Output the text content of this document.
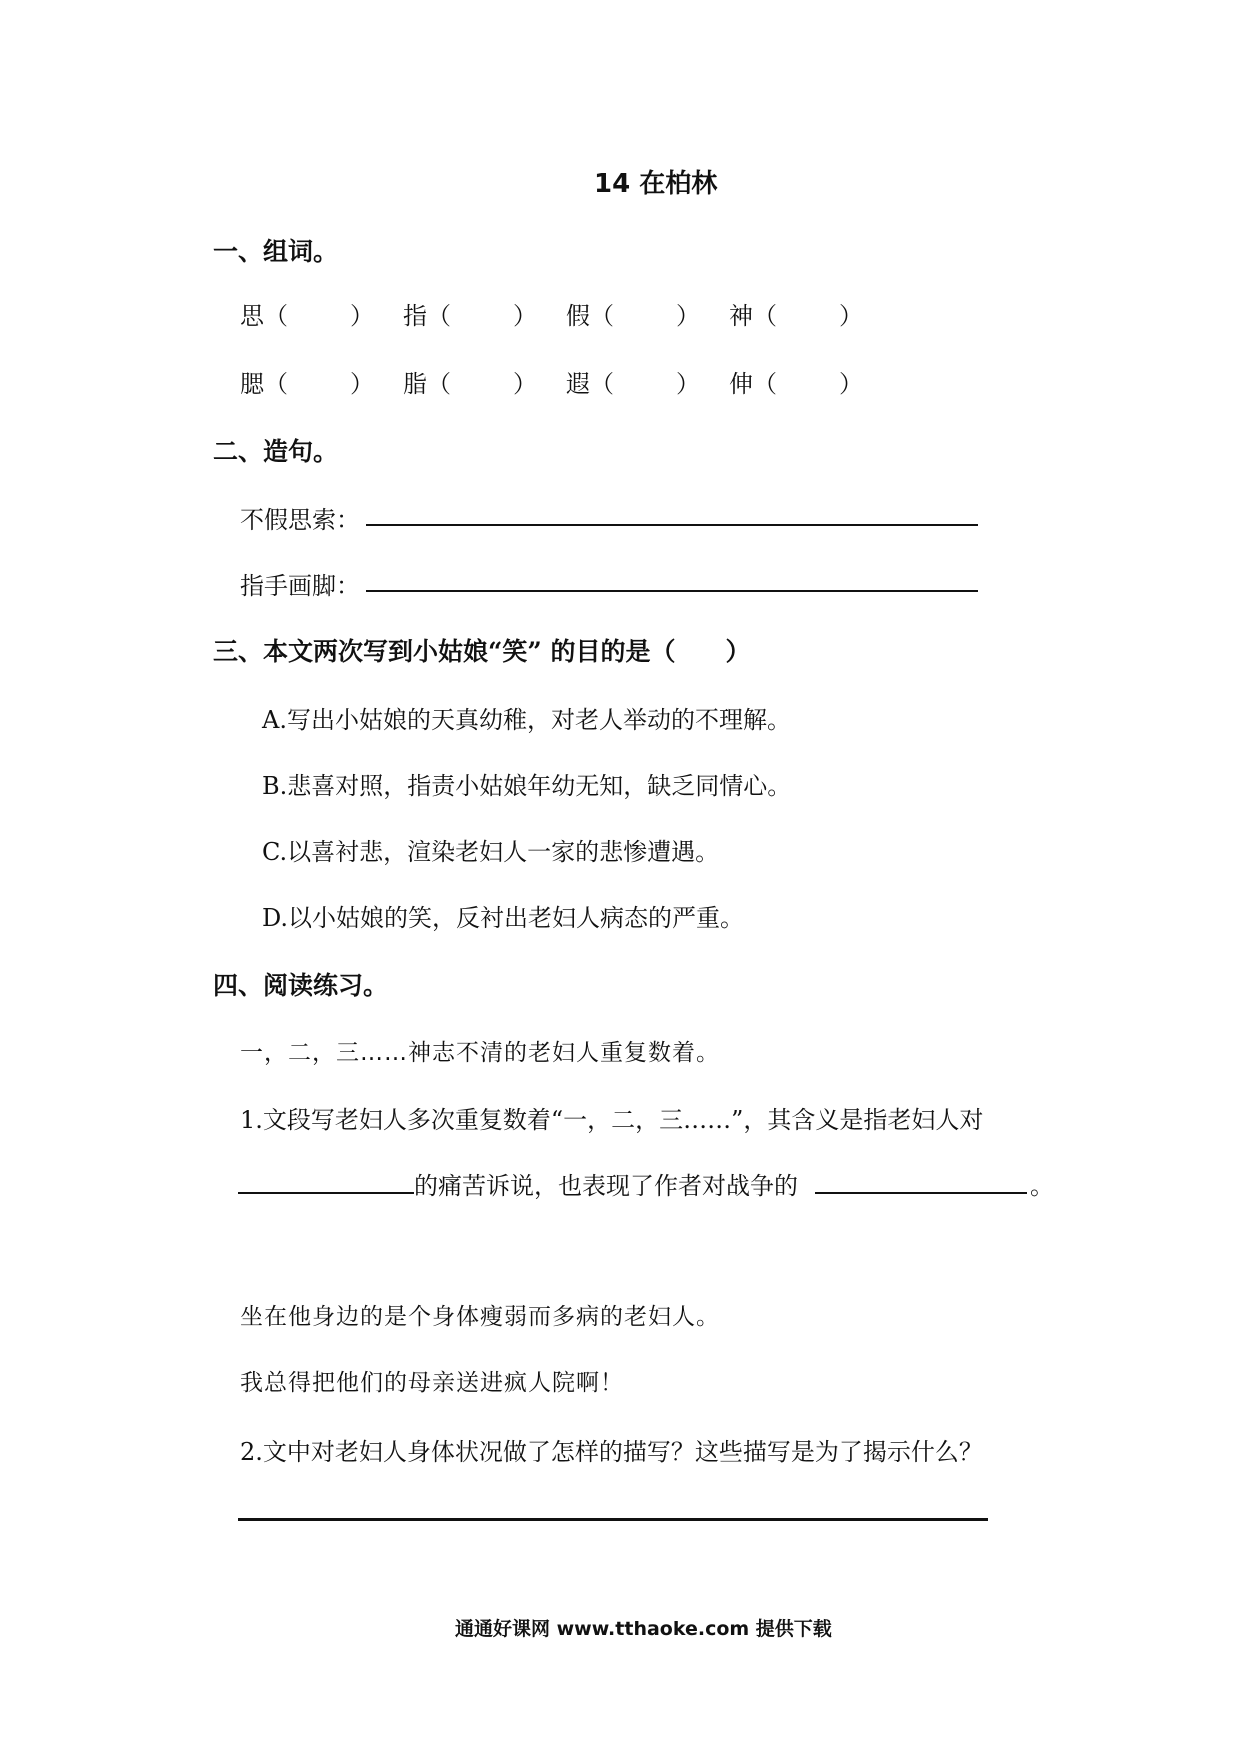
14 在柏林
一、组词。
思（	） 指（	） 假（	） 神（	）
腮（	） 脂（	） 遐（	） 伸（	）
二、造句。
不假思索：
指手画脚：
三、本文两次写到小姑娘“笑” 的目的是（　　）
A.写出小姑娘的天真幼稚，对老人举动的不理解。
B.悲喜对照，指责小姑娘年幼无知，缺乏同情心。
C.以喜衬悲，渲染老妇人一家的悲惨遭遇。
D.以小姑娘的笑，反衬出老妇人病态的严重。
四、阅读练习。
一，二，三……神志不清的老妇人重复数着。
1.文段写老妇人多次重复数着“一，二，三……”，其含义是指老妇人对
的痛苦诉说，也表现了作者对战争的	。
坐在他身边的是个身体瘦弱而多病的老妇人。
我总得把他们的母亲送进疯人院啊！
2.文中对老妇人身体状况做了怎样的描写？这些描写是为了揭示什么？
通通好课网 www.tthaoke.com 提供下载
